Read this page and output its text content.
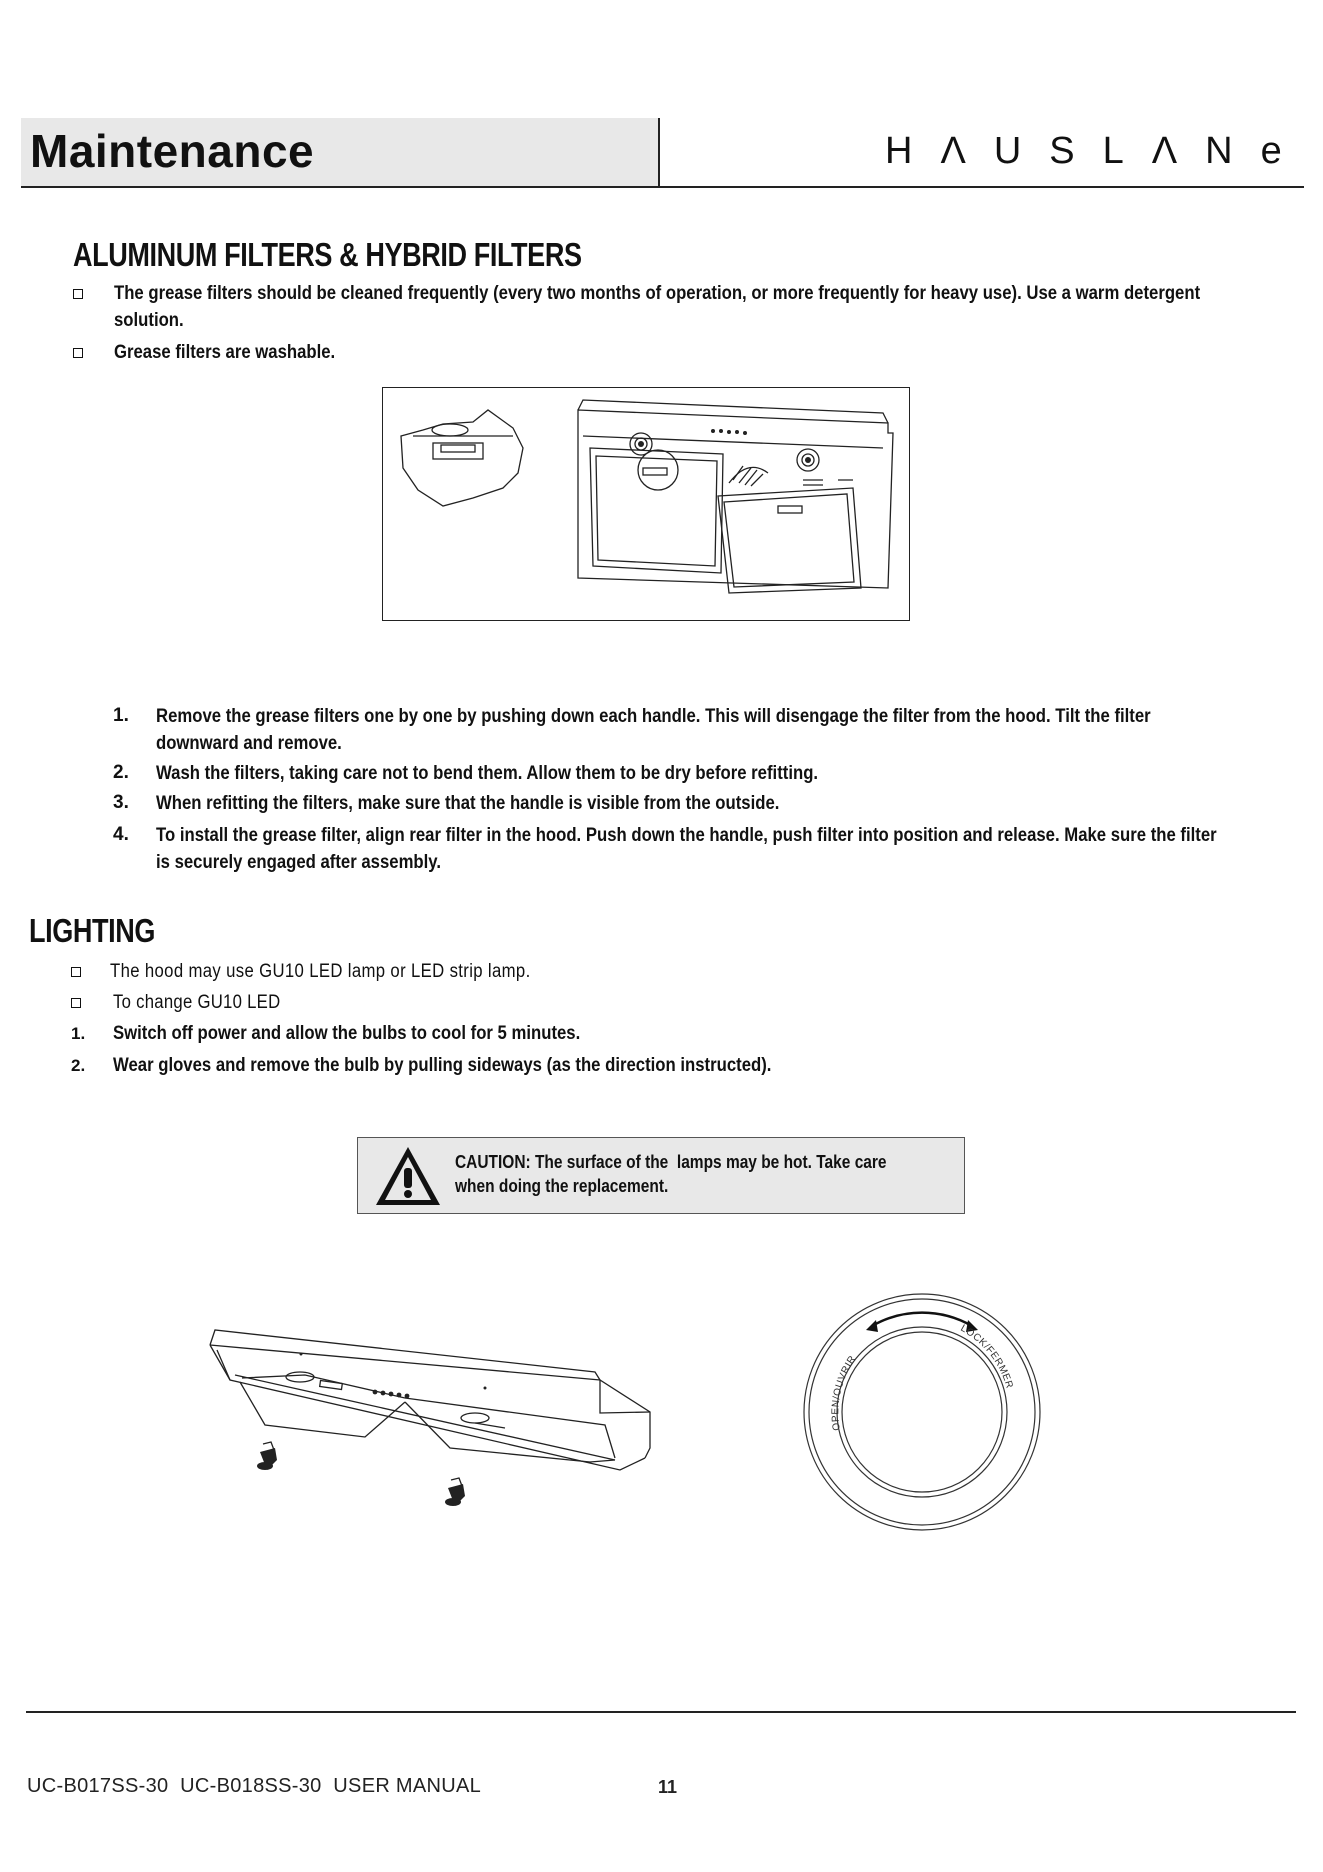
Maintenance	HΛUSLΛNe
ALUMINUM FILTERS & HYBRID FILTERS
The grease filters should be cleaned frequently (every two months of operation, or more frequently for heavy use). Use a warm detergent
solution.
Grease filters are washable.
1. Remove the grease filters one by one by pushing down each handle. This will disengage the filter from the hood. Tilt the filter
downward and remove.
2. Wash the filters, taking care not to bend them. Allow them to be dry before refitting.
3. When refitting the filters, make sure that the handle is visible from the outside.
4. To install the grease filter, align rear filter in the hood. Push down the handle, push filter into position and release. Make sure the filter
is securely engaged after assembly.
LIGHTING
The hood may use GU10 LED lamp or LED strip lamp.
To change GU10 LED
1. Switch off power and allow the bulbs to cool for 5 minutes.
2. Wear gloves and remove the bulb by pulling sideways (as the direction instructed).
CAUTION: The surface of the  lamps may be hot. Take care
when doing the replacement.
OPEN/OUVRIR
LOCK/FERMER
UC-B017SS-30  UC-B018SS-30  USER MANUAL	11
